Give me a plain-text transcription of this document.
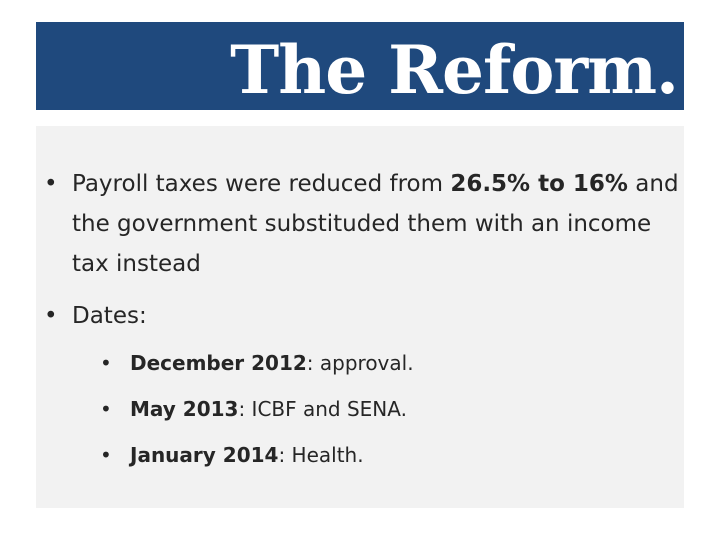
The Reform.
• Payroll taxes were reduced from 26.5% to 16% and the government substituded them with an income tax instead
• Dates:
• December 2012: approval.
• May 2013: ICBF and SENA.
• January 2014: Health.
